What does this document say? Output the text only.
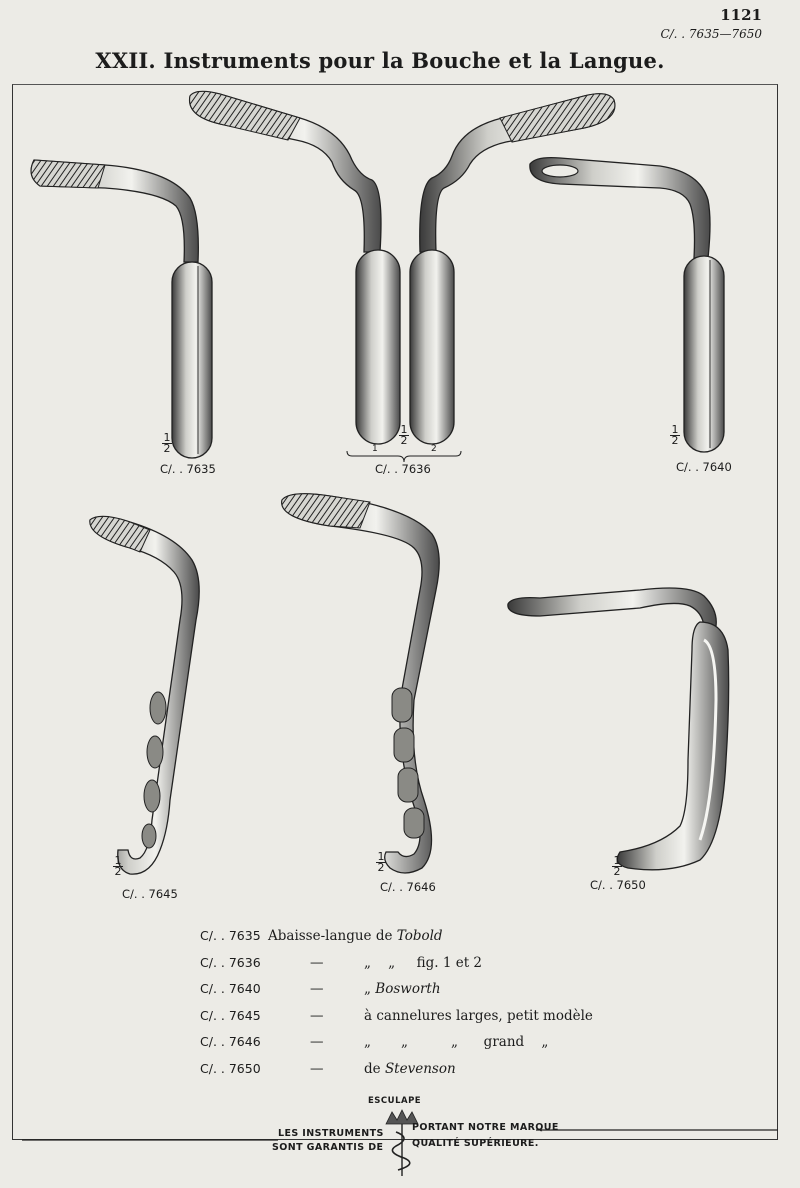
1121
C/. . 7635—7650
XXII. Instruments pour la Bouche et la Langue.
C/. . 7635
1
2
C/. . 7636
1
2
1	2
C/. . 7640
1
2
C/. . 7645
1
2
C/. . 7646
1
2
C/. . 7650
1
2
C/. . 7635 Abaisse-langue de Tobold
C/. . 7636	—	„    „     fig. 1 et 2
C/. . 7640	—	„ Bosworth
C/. . 7645	—	à cannelures larges, petit modèle
C/. . 7646	—	„       „          „      grand    „
C/. . 7650	—	de Stevenson
ESCULAPE
LES INSTRUMENTS
SONT GARANTIS DE
PORTANT NOTRE MARQUE
QUALITÉ SUPÉRIEURE.
